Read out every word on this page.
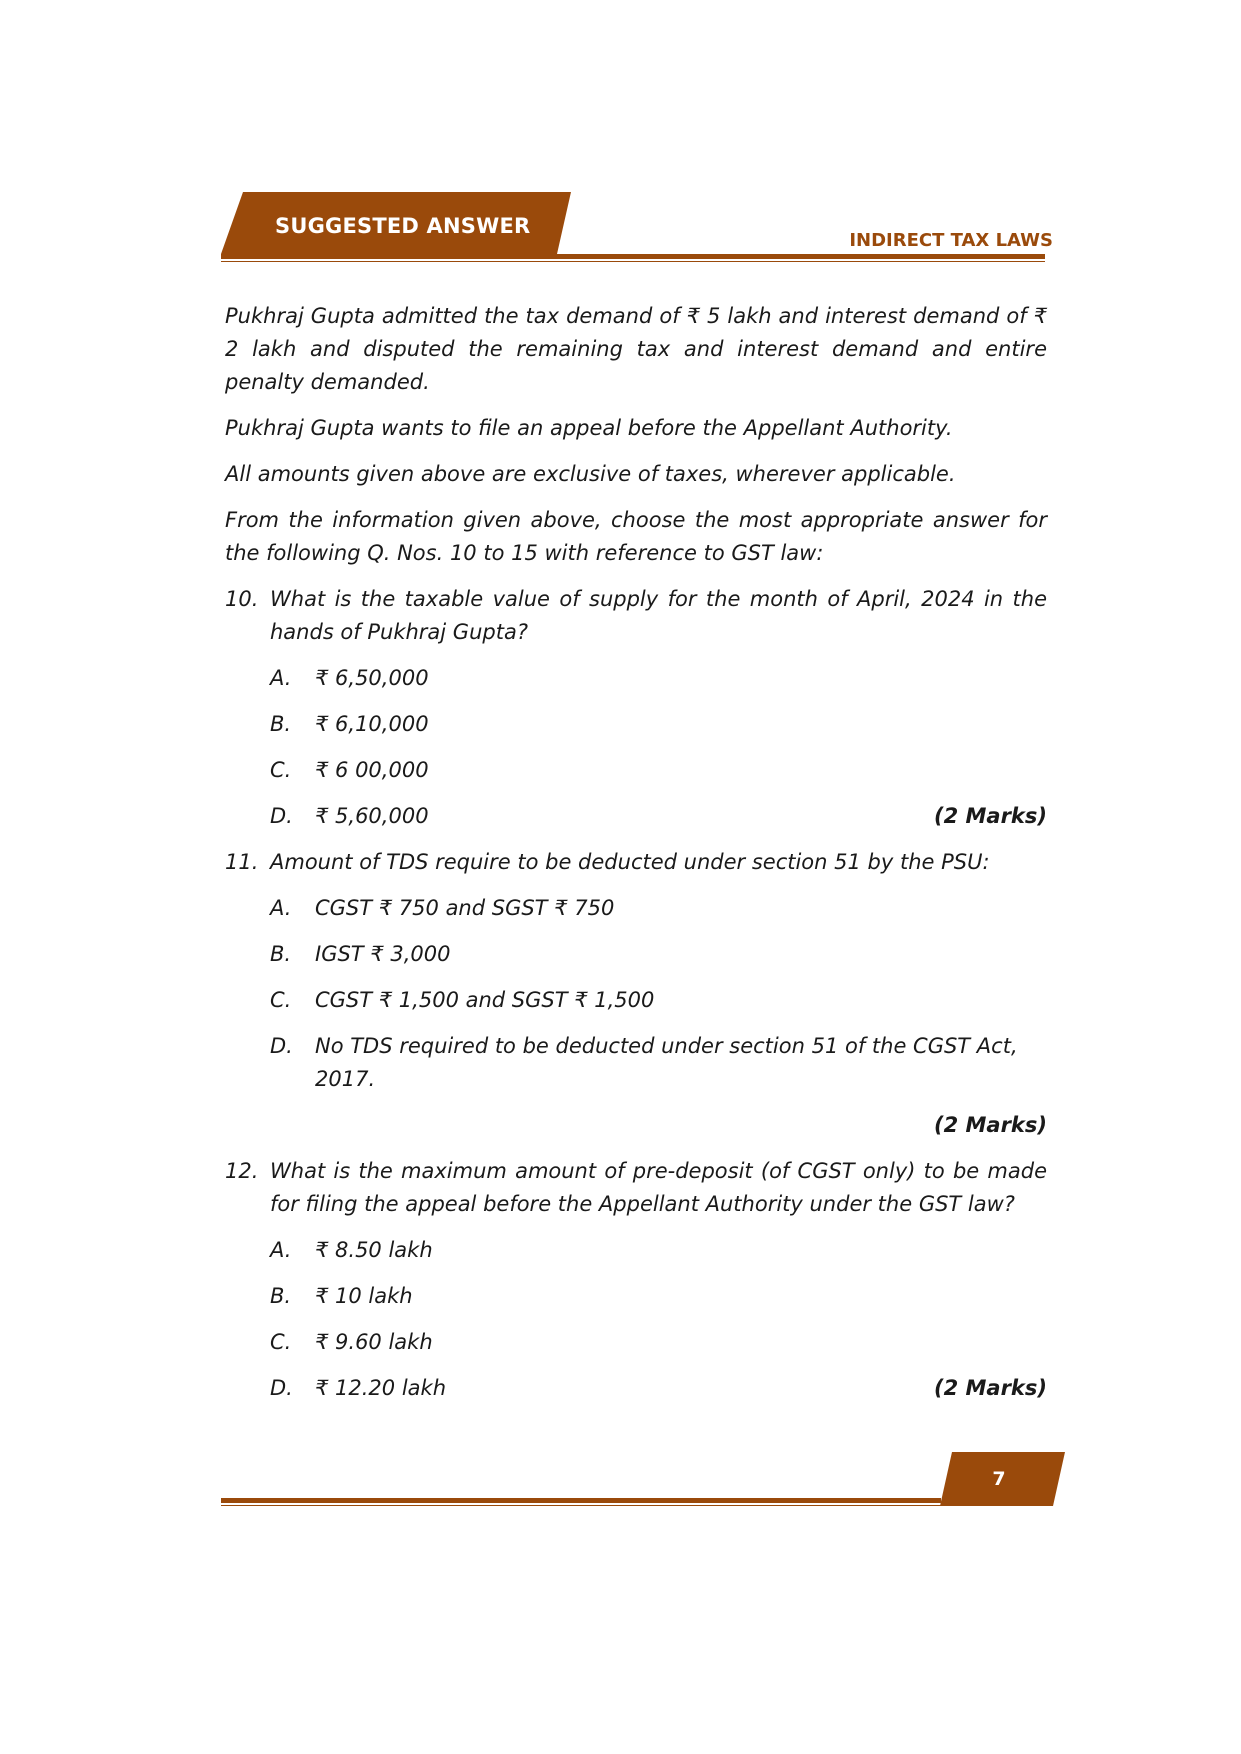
SUGGESTED ANSWER
INDIRECT TAX LAWS

Pukhraj Gupta admitted the tax demand of ₹ 5 lakh and interest demand of ₹ 2 lakh and disputed the remaining tax and interest demand and entire penalty demanded.

Pukhraj Gupta wants to file an appeal before the Appellant Authority.

All amounts given above are exclusive of taxes, wherever applicable.

From the information given above, choose the most appropriate answer for the following Q. Nos. 10 to 15 with reference to GST law:

10. What is the taxable value of supply for the month of April, 2024 in the hands of Pukhraj Gupta?
A.	₹ 6,50,000
B.	₹ 6,10,000
C.	₹ 6 00,000
D.	₹ 5,60,000	(2 Marks)
11. Amount of TDS require to be deducted under section 51 by the PSU:
A.	CGST ₹ 750 and SGST ₹ 750
B.	IGST ₹ 3,000
C.	CGST ₹ 1,500 and SGST ₹ 1,500
D.	No TDS required to be deducted under section 51 of the CGST Act, 2017.
(2 Marks)
12. What is the maximum amount of pre-deposit (of CGST only) to be made for filing the appeal before the Appellant Authority under the GST law?
A.	₹ 8.50 lakh
B.	₹ 10 lakh
C.	₹ 9.60 lakh
D.	₹ 12.20 lakh	(2 Marks)
7
